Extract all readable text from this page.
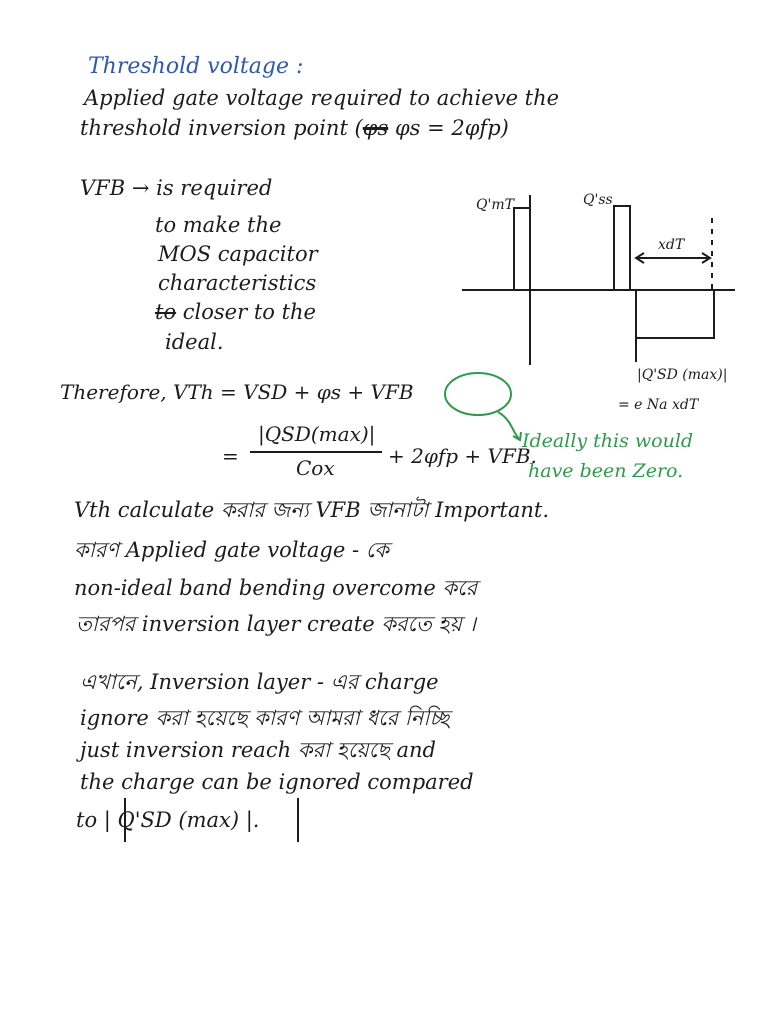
Threshold voltage :
Applied gate voltage required to achieve the
threshold inversion point (φs φs = 2φfp)
VFB → is required
to make the
MOS capacitor
characteristics
to closer to the
ideal.
Q'mT	Q'ss
xdT
|Q'SD (max)|
= e Na xdT
Therefore, VTh = VSD + φs + VFB
=
|QSD(max)|
Cox	+ 2φfp + VFB.
Ideally this would
have been Zero.
Vth calculate করার জন্য VFB জানাটা Important.
কারণ Applied gate voltage - কে
non-ideal band bending overcome করে
তারপর inversion layer create করতে হয় ।
এখানে, Inversion layer - এর charge
ignore করা হয়েছে কারণ আমরা ধরে নিচ্ছি
just inversion reach করা হয়েছে and
the charge can be ignored compared
to | Q'SD (max) |.
